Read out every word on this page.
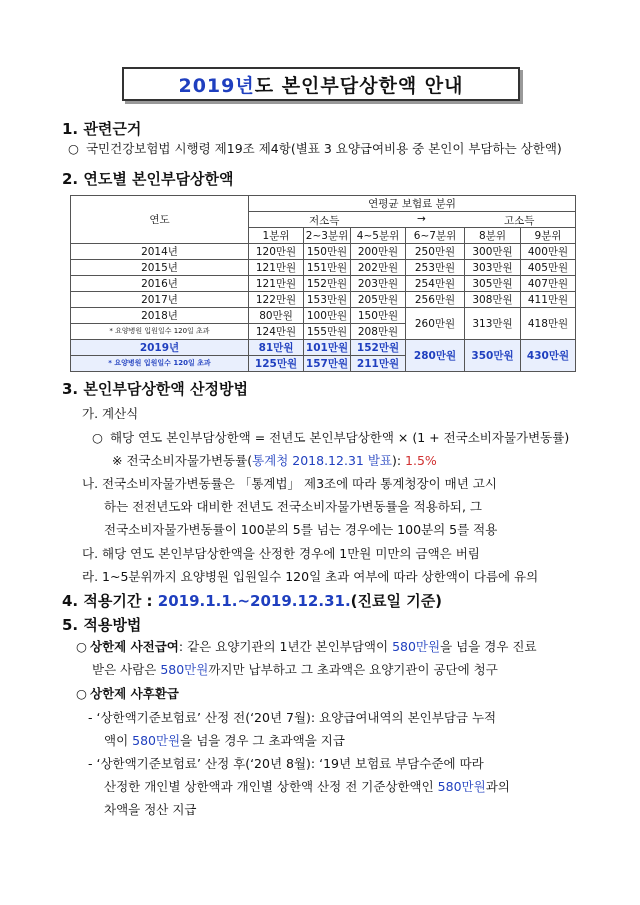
2019년 도 본인부담상한액 안내
1. 관련근거
○ 국민건강보험법 시행령 제19조 제4항(별표 3 요양급여비용 중 본인이 부담하는 상한액)
2. 연도별 본인부담상한액
연도	연평균 보험료 분위						

	저소득 → 고소득						

	1분위	2~3분위	4~5분위	6~7분위	8분위	9분위	
2014년	120만원	150만원	200만원	250만원	300만원	400만원	
2015년	121만원	151만원	202만원	253만원	303만원	405만원	
2016년	121만원	152만원	203만원	254만원	305만원	407만원	
2017년	122만원	153만원	205만원	256만원	308만원	411만원	
2018년	80만원	100만원	150만원	260만원	313만원	418만원	
* 요양병원 입원일수 120일 초과	124만원	155만원	208만원				
2019년	81만원	101만원	152만원	280만원	350만원	430만원	
* 요양병원 입원일수 120일 초과	125만원	157만원	211만원				
3. 본인부담상한액 산정방법
가. 계산식
○ 해당 연도 본인부담상한액 = 전년도 본인부담상한액 × (1 + 전국소비자물가변동률)
※ 전국소비자물가변동률(통계청 2018.12.31 발표): 1.5%
나. 전국소비자물가변동률은 「통계법」 제3조에 따라 통계청장이 매년 고시
하는 전전년도와 대비한 전년도 전국소비자물가변동률을 적용하되, 그
전국소비자물가변동률이 100분의 5를 넘는 경우에는 100분의 5를 적용
다. 해당 연도 본인부담상한액을 산정한 경우에 1만원 미만의 금액은 버림
라. 1~5분위까지 요양병원 입원일수 120일 초과 여부에 따라 상한액이 다름에 유의
4. 적용기간 : 2019.1.1.~2019.12.31.(진료일 기준)
5. 적용방법
○ 상한제 사전급여: 같은 요양기관의 1년간 본인부담액이 580만원을 넘을 경우 진료
받은 사람은 580만원까지만 납부하고 그 초과액은 요양기관이 공단에 청구
○ 상한제 사후환급
- ‘상한액기준보험료’ 산정 전(‘20년 7월): 요양급여내역의 본인부담금 누적
액이 580만원을 넘을 경우 그 초과액을 지급
- ‘상한액기준보험료’ 산정 후(‘20년 8월): ‘19년 보험료 부담수준에 따라
산정한 개인별 상한액과 개인별 상한액 산정 전 기준상한액인 580만원과의
차액을 정산 지급
